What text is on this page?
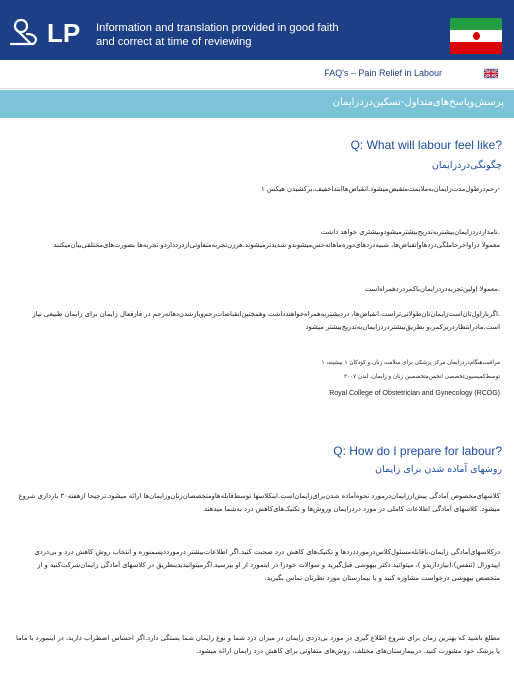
LP Information and translation provided in good faith and correct at time of reviewing
FAQ's – Pain Relief in Labour
پرسش‌وپاسخ‌های‌متداول-تسکین‌درد‌زایمان
Q: What will labour feel like?
چگونگی‌درد‌زایمان
-رحم‌در‌طول‌مدت‌زایمان‌به‌ملایمت‌منقبض‌میشود.انقباض‌ها‌ابتدا‌خفیف،بر‌کشیدن هیکس ۱
.نامدار‌درد‌زایمان‌بیشتر‌به‌تدریج‌بیشتر‌میشود‌و‌بیشتری خواهد داشت
معمولا‌ در‌اواخر‌حاملگی‌دردها‌و‌انقباض‌ها، شبیه‌دردهای‌دوره‌ماهانه‌حس‌میشوند‌و شدیدتر‌میشوند.هر‌زن‌تجربه‌متفاوتی‌از‌درد‌دارد‌و‌ تجربه‌ها بصورت‌های‌مختلفی‌بیان‌میکنند
.معمولا اولین‌تجربه‌درد‌زایمان‌با‌کمر‌درد‌همراه‌است
.اگر‌بار‌اول‌تان‌است‌زایمان‌تان‌طولانی‌تر‌است.انقباض‌ها، در‌دیشتر‌به‌همراه‌خواهند‌داشت و‌همچنین‌انقباضات‌رحم‌و‌باز‌شدن‌دهانه‌رحم‌ در‌ فاز‌فعال ‌زایمان ‌برای‌ زایمان طبیعی نیاز است‌.مادر‌انتظار‌در‌بر‌کمر،و‌ بطریق‌بیشتر‌درد‌زایمان‌به‌تدریج‌بیشتر‌ میشود
مراقبت‌هنگام‌درد‌زایمان مرکز پزشکی برای سلامت زنان و کودکان ۱ بیشینه، ۱
توسط‌کمیسیون‌تخصصی‌ انجمن‌متخصصین زنان و زایمان، لندن ۲۰۰۷
Royal College of Obstetrician and Gynecology (RCOG)
Q: How do I prepare for labour?
روشهای آماده شدن برای زایمان
کلاسهای‌مخصوص آمادگی‌ پیش‌از‌زایمان‌در‌مورد نحوه‌آماده شدن‌برای‌زایمان‌است.اینکلاسها توسط‌قابله‌ها‌و‌متخصصان‌زنان‌و‌زایمان‌ها ارائه میشود.ترجیحا از‌هفته‌۳۰ بارداری‌ شروع میشود. کلاسهای آمادگی‌ اطلاعات‌ کاملی در مورد درد‌زایمان و‌روش‌ها و‌ تکنیک‌های‌کاهش درد به‌شما میدهند
در‌کلاسهای‌آمادگی‌ زایمان‌،با‌قابله‌مسئول‌کلاس‌در‌مورد‌دردها‌ و‌ تکنیک‌های‌ کاهش درد صحبت کنید.اگر اطلاعات‌بیشتر‌ در‌مورد‌دیسمنوره و‌ انتخاب‌ روش کاهش درد‌ و‌ بی‌دردی اپیدورال (تنفس)،(نیاز‌داریدو )، میتوانید دکتر‌ بیهوشی‌ قبل‌گیرید و‌ سوالات‌ خود‌را در‌ اینمورد از او بپرسید.اگر‌میتوانید‌بدینطریق در کلاسهای‌ آمادگی زایمان‌شرکت‌کنید و از متخصص‌ بیهوشی درخواست مشاوره‌ کنید و با بیمارستان‌ مورد‌ نظر‌تان‌ تماس‌ بگیرید.
مطلع‌ باشید‌ که‌ ‌بهترین‌ زمان ‌برای شروع ‌اطلاع گیری‌ ‌در‌ مورد بی‌دردی ‌زایمان ‌در‌ میزان درد شما و‌ نوع زایمان شما بستگی دارد.اگر‌ احساس‌ اضطراب دارید،‌ در‌ اینمورد‌ با‌ ماما‌ یا‌ پزشک‌ خود‌ مشورت‌ کنید. در‌بیمارستان‌های‌ مختلف، روش‌های‌ متفاوتی‌ برای‌ کاهش‌ درد‌ زایمان‌ ارائه‌ میشود.
